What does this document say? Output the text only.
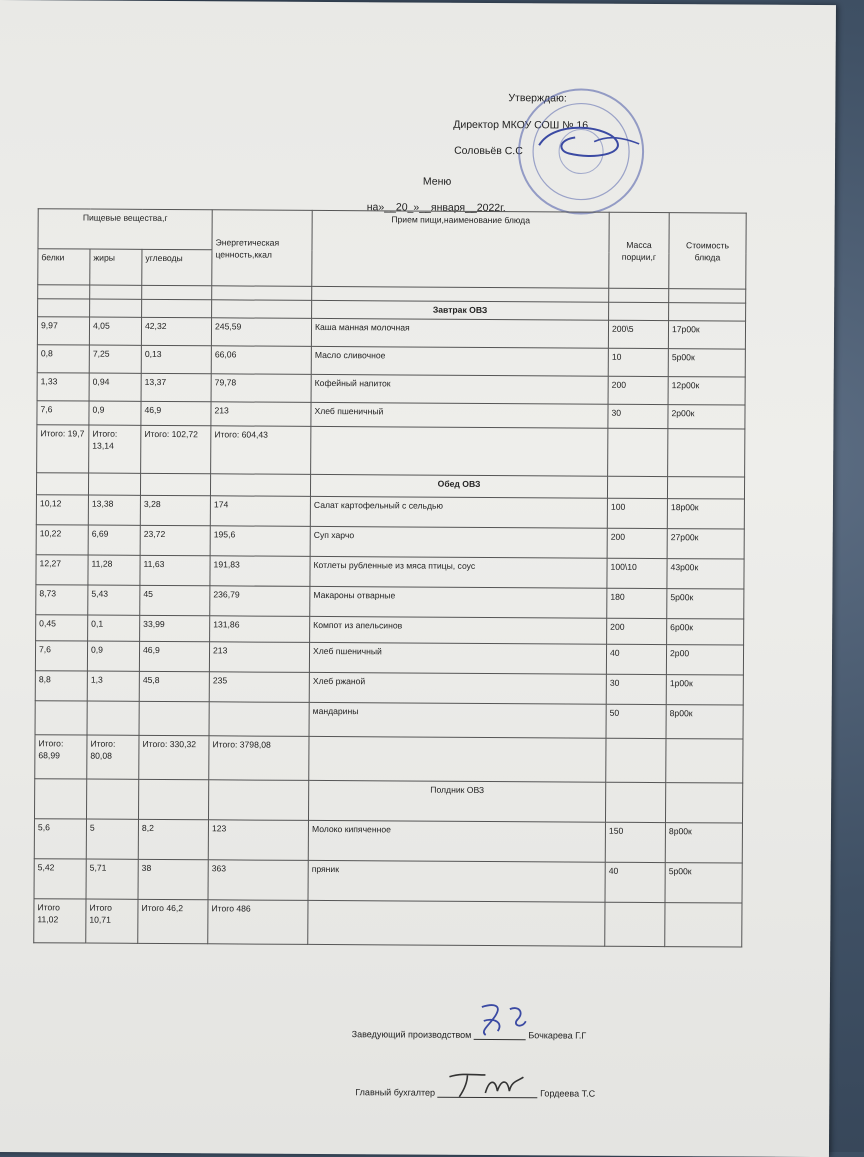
Утверждаю:
Директор МКОУ СОШ № 16
Соловьёв С.С
Меню
на»__20_»__января__2022г.
Пищевые вещества,г			Энергетическая ценность,ккал	Прием пищи,наименование блюда	Масса порции,г	Стоимость блюда
белки	жиры	углеводы				

				Завтрак ОВЗ		
9,97	4,05	42,32	245,59	Каша манная молочная	200\5	17р00к
0,8	7,25	0,13	66,06	Масло сливочное	10	5р00к
1,33	0,94	13,37	79,78	Кофейный напиток	200	12р00к
7,6	0,9	46,9	213	Хлеб пшеничный	30	2р00к
Итого: 19,7	Итого: 13,14	Итого: 102,72	Итого: 604,43			
				Обед ОВЗ		
10,12	13,38	3,28	174	Салат картофельный с сельдью	100	18р00к
10,22	6,69	23,72	195,6	Суп харчо	200	27р00к
12,27	11,28	11,63	191,83	Котлеты рубленные из мяса птицы, соус	100\10	43р00к
8,73	5,43	45	236,79	Макароны отварные	180	5р00к
0,45	0,1	33,99	131,86	Компот из апельсинов	200	6р00к
7,6	0,9	46,9	213	Хлеб пшеничный	40	2р00
8,8	1,3	45,8	235	Хлеб ржаной	30	1р00к
				мандарины	50	8р00к
Итого: 68,99	Итого: 80,08	Итого: 330,32	Итого: 3798,08			
				Полдник ОВЗ		
5,6	5	8,2	123	Молоко кипяченное	150	8р00к
5,42	5,71	38	363	пряник	40	5р00к
Итого 11,02	Итого 10,71	Итого 46,2	Итого 486			
Заведующий производством	Бочкарева Г.Г
Главный бухгалтер	Гордеева Т.С
